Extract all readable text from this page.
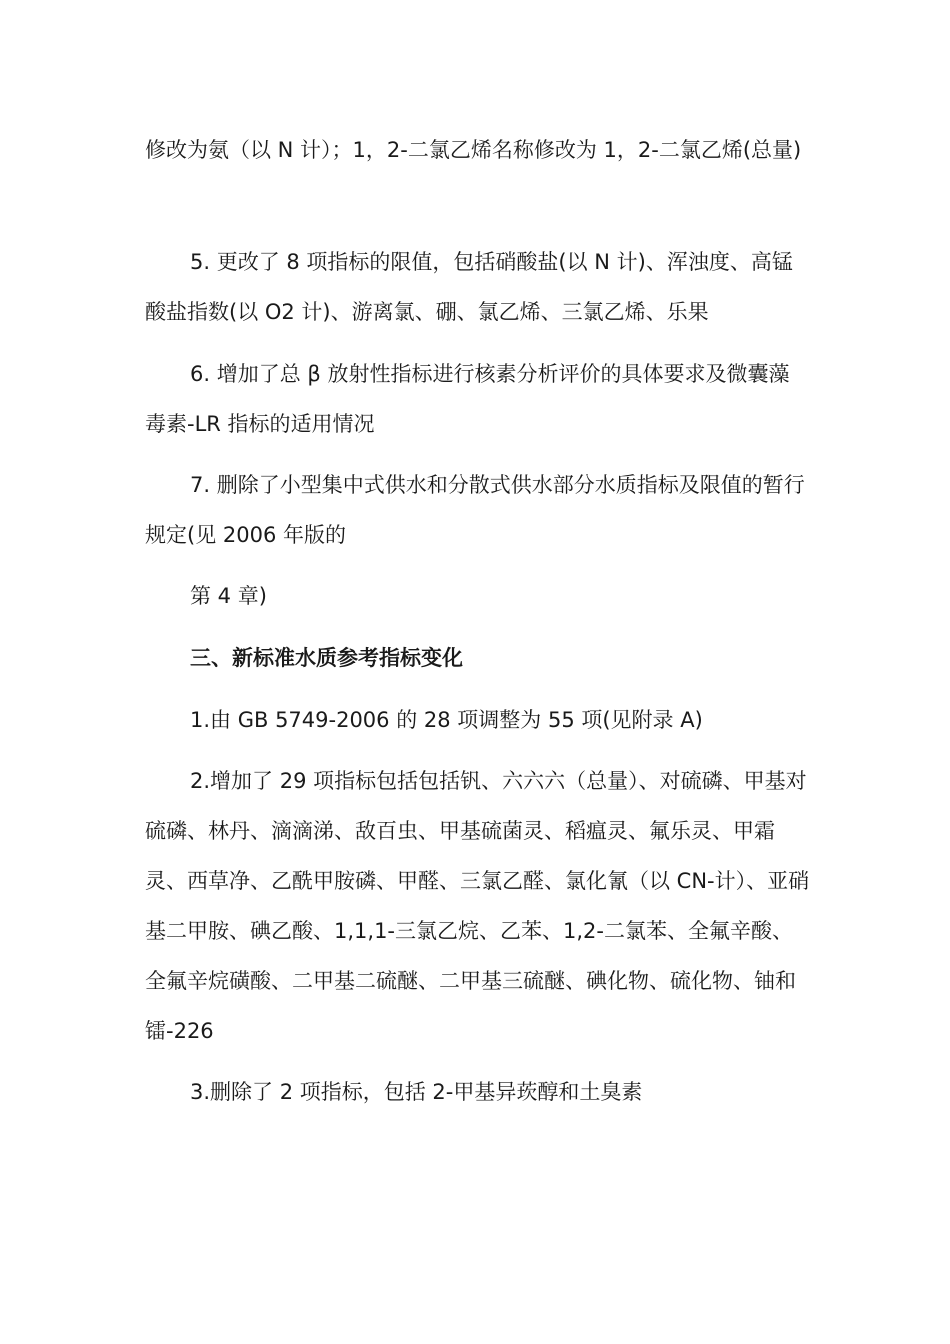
修改为氨（以 N 计）；1，2-二氯乙烯名称修改为 1，2-二氯乙烯(总量)

5. 更改了 8 项指标的限值，包括硝酸盐(以 N 计)、浑浊度、高锰酸盐指数(以 O2 计)、游离氯、硼、氯乙烯、三氯乙烯、乐果

6. 增加了总 β 放射性指标进行核素分析评价的具体要求及微囊藻毒素-LR 指标的适用情况

7. 删除了小型集中式供水和分散式供水部分水质指标及限值的暂行规定(见 2006 年版的

第 4 章)

三、新标准水质参考指标变化

1.由 GB 5749-2006 的 28 项调整为 55 项(见附录 A)

2.增加了 29 项指标包括包括钒、六六六（总量）、对硫磷、甲基对硫磷、林丹、滴滴涕、敌百虫、甲基硫菌灵、稻瘟灵、氟乐灵、甲霜灵、西草净、乙酰甲胺磷、甲醛、三氯乙醛、氯化氰（以 CN-计）、亚硝基二甲胺、碘乙酸、1,1,1-三氯乙烷、乙苯、1,2-二氯苯、全氟辛酸、全氟辛烷磺酸、二甲基二硫醚、二甲基三硫醚、碘化物、硫化物、铀和镭-226

3.删除了 2 项指标，包括 2-甲基异莰醇和土臭素
